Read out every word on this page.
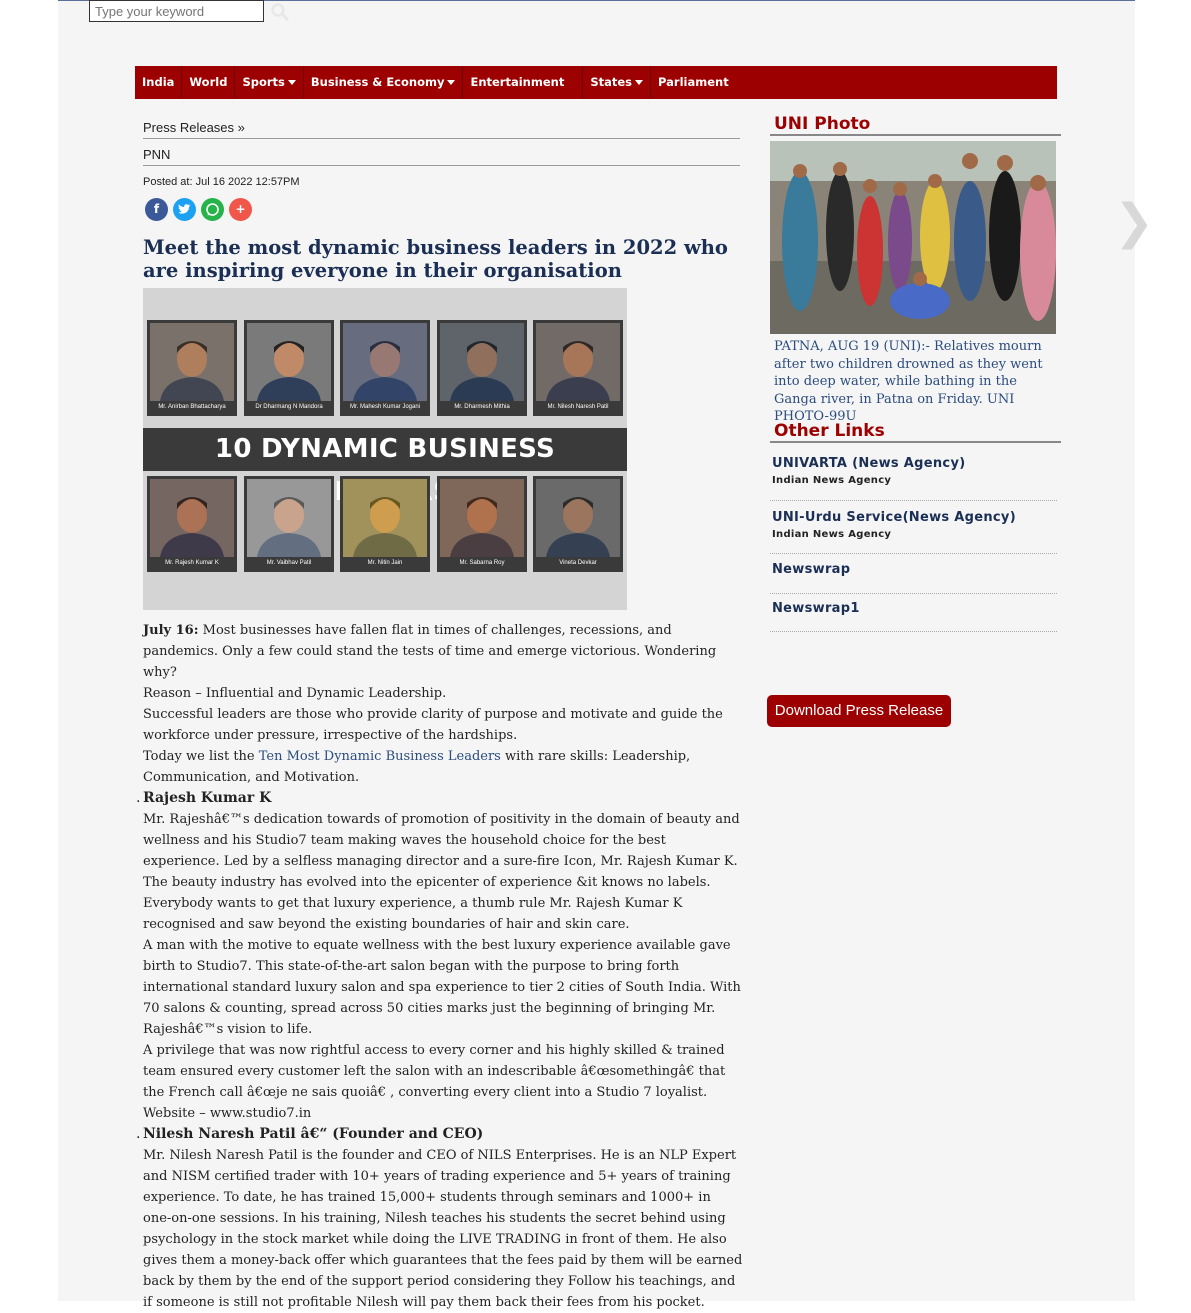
Type your keyword
India	World	Sports	Business & Economy	Entertainment	States	Parliament
Press Releases »
PNN
Posted at: Jul 16 2022 12:57PM
f	+
Meet the most dynamic business leaders in 2022 who are inspiring everyone in their organisation
Mr. Anirban Bhattacharya	Dr Dharmang N Mandora	Mr. Mahesh Kumar Jogani	Mr. Dharmesh Mithia	Mr. Nilesh Naresh Patil
10 DYNAMIC BUSINESS
Mr. Rajesh Kumar K	Mr. Vaibhav Patil	Mr. Nitin Jain	Mr. Sabarna Roy	Vineta Devkar

July 16: Most businesses have fallen flat in times of challenges, recessions, and pandemics. Only a few could stand the tests of time and emerge victorious. Wondering why?

Reason – Influential and Dynamic Leadership.

Successful leaders are those who provide clarity of purpose and motivate and guide the workforce under pressure, irrespective of the hardships.

Today we list the Ten Most Dynamic Business Leaders with rare skills: Leadership, Communication, and Motivation.

. Rajesh Kumar K

Mr. Rajeshâ€™s dedication towards of promotion of positivity in the domain of beauty and wellness and his Studio7 team making waves the household choice for the best experience. Led by a selfless managing director and a sure-fire Icon, Mr. Rajesh Kumar K.

The beauty industry has evolved into the epicenter of experience &it knows no labels. Everybody wants to get that luxury experience, a thumb rule Mr. Rajesh Kumar K recognised and saw beyond the existing boundaries of hair and skin care.

A man with the motive to equate wellness with the best luxury experience available gave birth to Studio7. This state-of-the-art salon began with the purpose to bring forth international standard luxury salon and spa experience to tier 2 cities of South India. With 70 salons & counting, spread across 50 cities marks just the beginning of bringing Mr. Rajeshâ€™s vision to life.

A privilege that was now rightful access to every corner and his highly skilled & trained team ensured every customer left the salon with an indescribable â€œsomethingâ€ that the French call â€œje ne sais quoiâ€ , converting every client into a Studio 7 loyalist. Website – www.studio7.in

. Nilesh Naresh Patil â€“ (Founder and CEO)

Mr. Nilesh Naresh Patil is the founder and CEO of NILS Enterprises. He is an NLP Expert and NISM certified trader with 10+ years of trading experience and 5+ years of training experience. To date, he has trained 15,000+ students through seminars and 1000+ in one-on-one sessions. In his training, Nilesh teaches his students the secret behind using psychology in the stock market while doing the LIVE TRADING in front of them. He also gives them a money-back offer which guarantees that the fees paid by them will be earned back by them by the end of the support period considering they Follow his teachings, and if someone is still not profitable Nilesh will pay them back their fees from his pocket.

UNI Photo
PATNA, AUG 19 (UNI):- Relatives mourn after two children drowned as they went into deep water, while bathing in the Ganga river, in Patna on Friday. UNI PHOTO-99U
Other Links
UNIVARTA (News Agency)
Indian News Agency
UNI-Urdu Service(News Agency)
Indian News Agency
Newswrap
Newswrap1
Download Press Release
❯
